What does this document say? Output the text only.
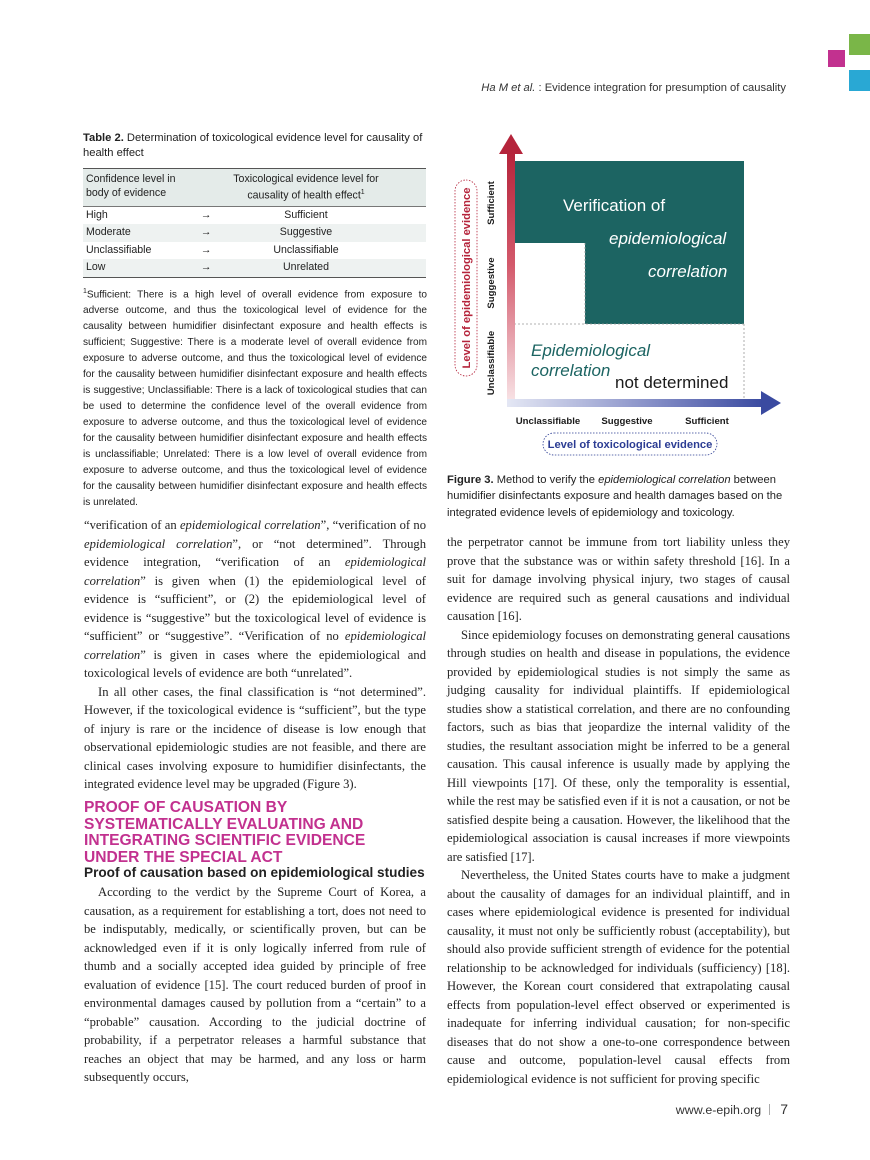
Ha M et al. : Evidence integration for presumption of causality
Table 2. Determination of toxicological evidence level for causality of health effect
Confidence level in body of evidence
Toxicological evidence level for causality of health effect$^1$
High	→	Sufficient
Moderate	→	Suggestive
Unclassifiable	→	Unclassifiable
Low	→	Unrelated
$^1$Sufficient: There is a high level of overall evidence from exposure to adverse outcome, and thus the toxicological level of evidence for the causality between humidifier disinfectant exposure and health effects is sufficient; Suggestive: There is a moderate level of overall evidence from exposure to adverse outcome, and thus the toxicological level of evidence for the causality between humidifier disinfectant exposure and health effects is suggestive; Unclassifiable: There is a lack of toxicological studies that can be used to determine the confidence level of the overall evidence from exposure to adverse outcome, and thus the toxicological level of evidence for the causality between humidifier disinfectant exposure and health effects is unclassifiable; Unrelated: There is a low level of overall evidence from exposure to adverse outcome, and thus the toxicological level of evidence for the causality between humidifier disinfectant exposure and health effects is unrelated.
Verification of
epidemiological
correlation
Epidemiological
correlation
not determined
Unclassifiable
Suggestive
Sufficient
Level of epidemiological evidence
Unclassifiable Suggestive	Sufficient
Level of toxicological evidence
Figure 3. Method to verify the epidemiological correlation between humidifier disinfectants exposure and health damages based on the integrated evidence levels of epidemiology and toxicology.

“verification of an epidemiological correlation”, “verification of no epidemiological correlation”, or “not determined”. Through evidence integration, “verification of an epidemiological correlation” is given when (1) the epidemiological level of evidence is “sufficient”, or (2) the epidemiological level of evidence is “suggestive” but the toxicological level of evidence is “sufficient” or “suggestive”. “Verification of no epidemiological correlation” is given in cases where the epidemiological and toxicological levels of evidence are both “unrelated”.

In all other cases, the final classification is “not determined”. However, if the toxicological evidence is “sufficient”, but the type of injury is rare or the incidence of disease is low enough that observational epidemiologic studies are not feasible, and there are clinical cases involving exposure to humidifier disinfectants, the integrated evidence level may be upgraded (Figure 3).

PROOF OF CAUSATION BY SYSTEMATICALLY EVALUATING AND INTEGRATING SCIENTIFIC EVIDENCE UNDER THE SPECIAL ACT
Proof of causation based on epidemiological studies

According to the verdict by the Supreme Court of Korea, a causation, as a requirement for establishing a tort, does not need to be indisputably, medically, or scientifically proven, but can be acknowledged even if it is only logically inferred from rule of thumb and a socially accepted idea guided by principle of free evaluation of evidence [15]. The court reduced burden of proof in environmental damages caused by pollution from a “certain” to a “probable” causation. According to the judicial doctrine of probability, if a perpetrator releases a harmful substance that reaches an object that may be harmed, and any loss or harm subsequently occurs,

the perpetrator cannot be immune from tort liability unless they prove that the substance was or within safety threshold [16]. In a suit for damage involving physical injury, two stages of causal evidence are required such as general causations and individual causation [16].

Since epidemiology focuses on demonstrating general causations through studies on health and disease in populations, the evidence provided by epidemiological studies is not simply the same as judging causality for individual plaintiffs. If epidemiological studies show a statistical correlation, and there are no confounding factors, such as bias that jeopardize the internal validity of the studies, the resultant association might be inferred to be a general causation. This causal inference is usually made by applying the Hill viewpoints [17]. Of these, only the temporality is essential, while the rest may be satisfied even if it is not a causation, or not be satisfied despite being a causation. However, the likelihood that the epidemiological association is causal increases if more viewpoints are satisfied [17].

Nevertheless, the United States courts have to make a judgment about the causality of damages for an individual plaintiff, and in cases where epidemiological evidence is presented for individual causality, it must not only be sufficiently robust (acceptability), but should also provide sufficient strength of evidence for the potential relationship to be acknowledged for individuals (sufficiency) [18]. However, the Korean court considered that extrapolating causal effects from population-level effect observed or experimented is inadequate for inferring individual causation; for non-specific diseases that do not show a one-to-one correspondence between cause and outcome, population-level causal effects from epidemiological evidence is not sufficient for proving specific

www.e-epih.org 7
